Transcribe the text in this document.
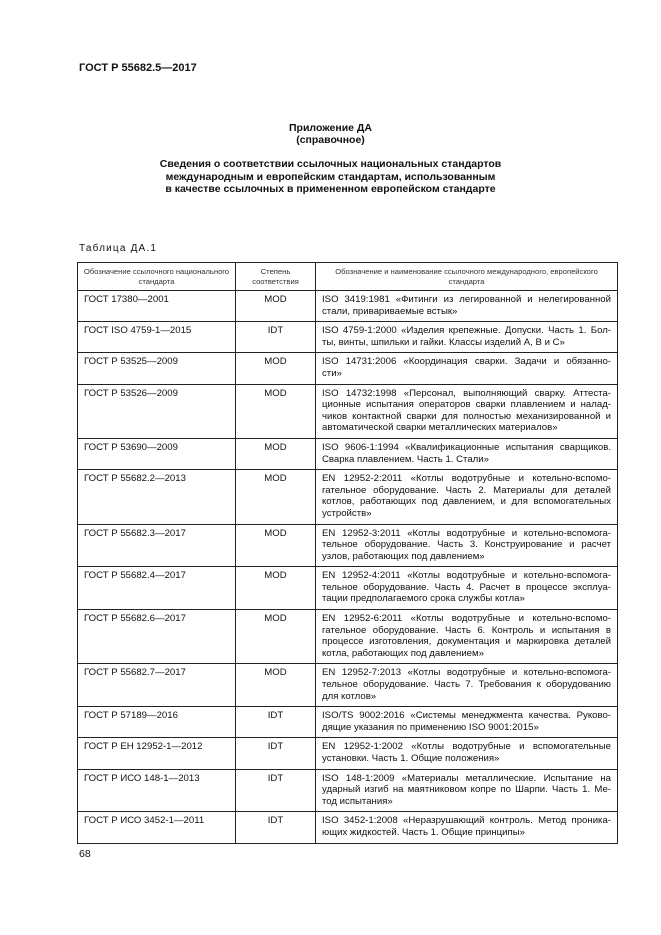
ГОСТ Р 55682.5—2017
Приложение ДА
(справочное)
Сведения о соответствии ссылочных национальных стандартов
международным и европейским стандартам, использованным
в качестве ссылочных в примененном европейском стандарте
Таблица ДА.1
Обозначение ссылочного национального стандарта	Степень соответствия	Обозначение и наименование ссылочного международного, европейского стандарта
ГОСТ 17380—2001	MOD	ISO 3419:1981 «Фитинги из легированной и нелегированной
стали, привариваемые встык»

ГОСТ ISO 4759-1—2015	IDT	ISO 4759-1:2000 «Изделия крепежные. Допуски. Часть 1. Бол-
ты, винты, шпильки и гайки. Классы изделий А, В и С»

ГОСТ Р 53525—2009	MOD	ISO 14731:2006 «Координация сварки. Задачи и обязанно-
сти»

ГОСТ Р 53526—2009	MOD	ISO 14732:1998 «Персонал, выполняющий сварку. Аттеста-
ционные испытания операторов сварки плавлением и налад-
чиков контактной сварки для полностью механизированной и
автоматической сварки металлических материалов»

ГОСТ Р 53690—2009	MOD	ISO 9606-1:1994 «Квалификационные испытания сварщиков.
Сварка плавлением. Часть 1. Стали»

ГОСТ Р 55682.2—2013	MOD	EN 12952-2:2011 «Котлы водотрубные и котельно-вспомо-
гательное оборудование. Часть 2. Материалы для деталей
котлов, работающих под давлением, и для вспомогательных
устройств»

ГОСТ Р 55682.3—2017	MOD	EN 12952-3:2011 «Котлы водотрубные и котельно-вспомога-
тельное оборудование. Часть 3. Конструирование и расчет
узлов, работающих под давлением»

ГОСТ Р 55682.4—2017	MOD	EN 12952-4:2011 «Котлы водотрубные и котельно-вспомога-
тельное оборудование. Часть 4. Расчет в процессе эксплуа-
тации предполагаемого срока службы котла»

ГОСТ Р 55682.6—2017	MOD	EN 12952-6:2011 «Котлы водотрубные и котельно-вспомо-
гательное оборудование. Часть 6. Контроль и испытания в
процессе изготовления, документация и маркировка деталей
котла, работающих под давлением»

ГОСТ Р 55682.7—2017	MOD	EN 12952-7:2013 «Котлы водотрубные и котельно-вспомога-
тельное оборудование. Часть 7. Требования к оборудованию
для котлов»

ГОСТ Р 57189—2016	IDT	ISO/TS 9002:2016 «Системы менеджмента качества. Руково-
дящие указания по применению ISO 9001:2015»

ГОСТ Р ЕН 12952-1—2012	IDT	EN 12952-1:2002 «Котлы водотрубные и вспомогательные
установки. Часть 1. Общие положения»

ГОСТ Р ИСО 148-1—2013	IDT	ISO 148-1:2009 «Материалы металлические. Испытание на
ударный изгиб на маятниковом копре по Шарпи. Часть 1. Ме-
тод испытания»

ГОСТ Р ИСО 3452-1—2011	IDT	ISO 3452-1:2008 «Неразрушающий контроль. Метод проника-
ющих жидкостей. Часть 1. Общие принципы»
68
